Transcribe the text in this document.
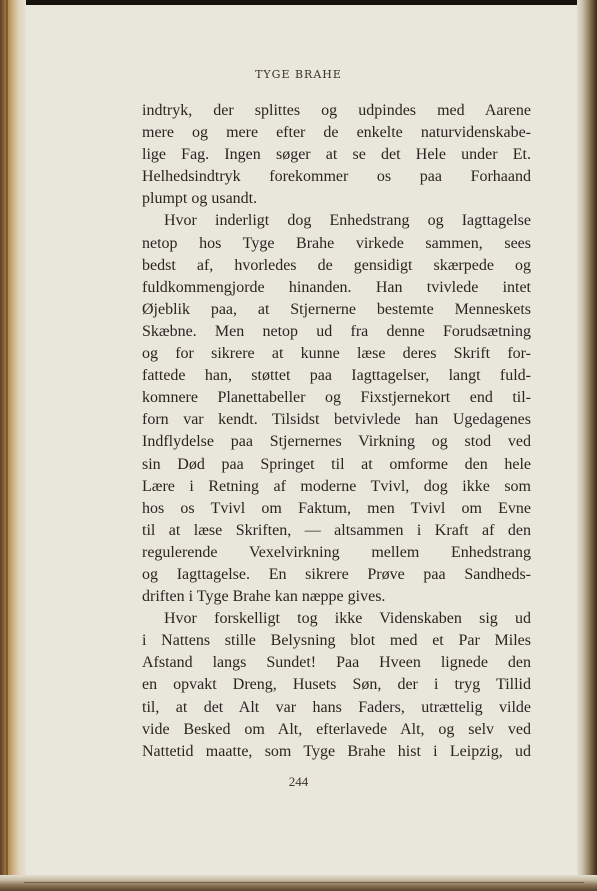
TYGE BRAHE
indtryk, der splittes og udpindes med Aarene
mere og mere efter de enkelte naturvidenskabe-
lige Fag. Ingen søger at se det Hele under Et.
Helhedsindtryk forekommer os paa Forhaand
plumpt og usandt.
Hvor inderligt dog Enhedstrang og Iagttagelse
netop hos Tyge Brahe virkede sammen, sees
bedst af, hvorledes de gensidigt skærpede og
fuldkommengjorde hinanden. Han tvivlede intet
Øjeblik paa, at Stjernerne bestemte Menneskets
Skæbne. Men netop ud fra denne Forudsætning
og for sikrere at kunne læse deres Skrift for-
fattede han, støttet paa Iagttagelser, langt fuld-
komnere Planettabeller og Fixstjernekort end til-
forn var kendt. Tilsidst betvivlede han Ugedagenes
Indflydelse paa Stjernernes Virkning og stod ved
sin Død paa Springet til at omforme den hele
Lære i Retning af moderne Tvivl, dog ikke som
hos os Tvivl om Faktum, men Tvivl om Evne
til at læse Skriften, — altsammen i Kraft af den
regulerende Vexelvirkning mellem Enhedstrang
og Iagttagelse. En sikrere Prøve paa Sandheds-
driften i Tyge Brahe kan næppe gives.
Hvor forskelligt tog ikke Videnskaben sig ud
i Nattens stille Belysning blot med et Par Miles
Afstand langs Sundet! Paa Hveen lignede den
en opvakt Dreng, Husets Søn, der i tryg Tillid
til, at det Alt var hans Faders, utrættelig vilde
vide Besked om Alt, efterlavede Alt, og selv ved
Nattetid maatte, som Tyge Brahe hist i Leipzig, ud
244
